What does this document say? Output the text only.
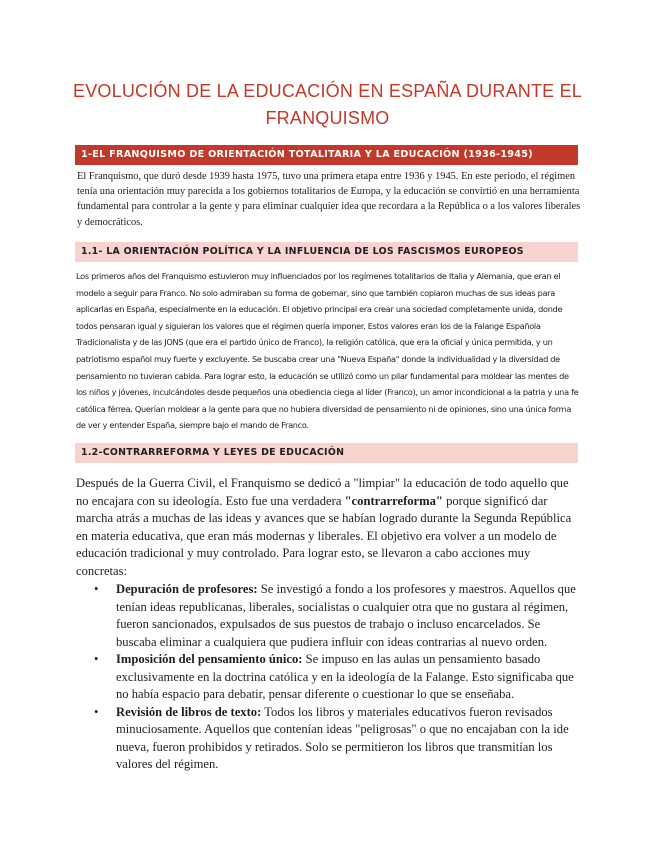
EVOLUCIÓN DE LA EDUCACIÓN EN ESPAÑA DURANTE EL FRANQUISMO
1-EL FRANQUISMO DE ORIENTACIÓN TOTALITARIA Y LA EDUCACIÓN (1936-1945)
El Franquismo, que duró desde 1939 hasta 1975, tuvo una primera etapa entre 1936 y 1945. En este periodo, el régimen tenía una orientación muy parecida a los gobiernos totalitarios de Europa, y la educación se convirtió en una herramienta fundamental para controlar a la gente y para eliminar cualquier idea que recordara a la República o a los valores liberales y democráticos.
1.1- LA ORIENTACIÓN POLÍTICA Y LA INFLUENCIA DE LOS FASCISMOS EUROPEOS
Los primeros años del Franquismo estuvieron muy influenciados por los regímenes totalitarios de Italia y Alemania, que eran el modelo a seguir para Franco. No solo admiraban su forma de gobernar, sino que también copiaron muchas de sus ideas para aplicarlas en España, especialmente en la educación. El objetivo principal era crear una sociedad completamente unida, donde todos pensaran igual y siguieran los valores que el régimen quería imponer. Estos valores eran los de la Falange Española Tradicionalista y de las JONS (que era el partido único de Franco), la religión católica, que era la oficial y única permitida, y un patriotismo español muy fuerte y excluyente. Se buscaba crear una "Nueva España" donde la individualidad y la diversidad de pensamiento no tuvieran cabida. Para lograr esto, la educación se utilizó como un pilar fundamental para moldear las mentes de los niños y jóvenes, inculcándoles desde pequeños una obediencia ciega al líder (Franco), un amor incondicional a la patria y una fe católica férrea. Querían moldear a la gente para que no hubiera diversidad de pensamiento ni de opiniones, sino una única forma de ver y entender España, siempre bajo el mando de Franco.
1.2-CONTRARREFORMA Y LEYES DE EDUCACIÓN
Después de la Guerra Civil, el Franquismo se dedicó a "limpiar" la educación de todo aquello que no encajara con su ideología. Esto fue una verdadera "contrarreforma" porque significó dar marcha atrás a muchas de las ideas y avances que se habían logrado durante la Segunda República en materia educativa, que eran más modernas y liberales. El objetivo era volver a un modelo de educación tradicional y muy controlado. Para lograr esto, se llevaron a cabo acciones muy concretas:
• Depuración de profesores: Se investigó a fondo a los profesores y maestros. Aquellos que tenían ideas republicanas, liberales, socialistas o cualquier otra que no gustara al régimen, fueron sancionados, expulsados de sus puestos de trabajo o incluso encarcelados. Se buscaba eliminar a cualquiera que pudiera influir con ideas contrarias al nuevo orden.
• Imposición del pensamiento único: Se impuso en las aulas un pensamiento basado exclusivamente en la doctrina católica y en la ideología de la Falange. Esto significaba que no había espacio para debatir, pensar diferente o cuestionar lo que se enseñaba.
• Revisión de libros de texto: Todos los libros y materiales educativos fueron revisados minuciosamente. Aquellos que contenían ideas "peligrosas" o que no encajaban con la ide nueva, fueron prohibidos y retirados. Solo se permitieron los libros que transmitían los valores del régimen.
